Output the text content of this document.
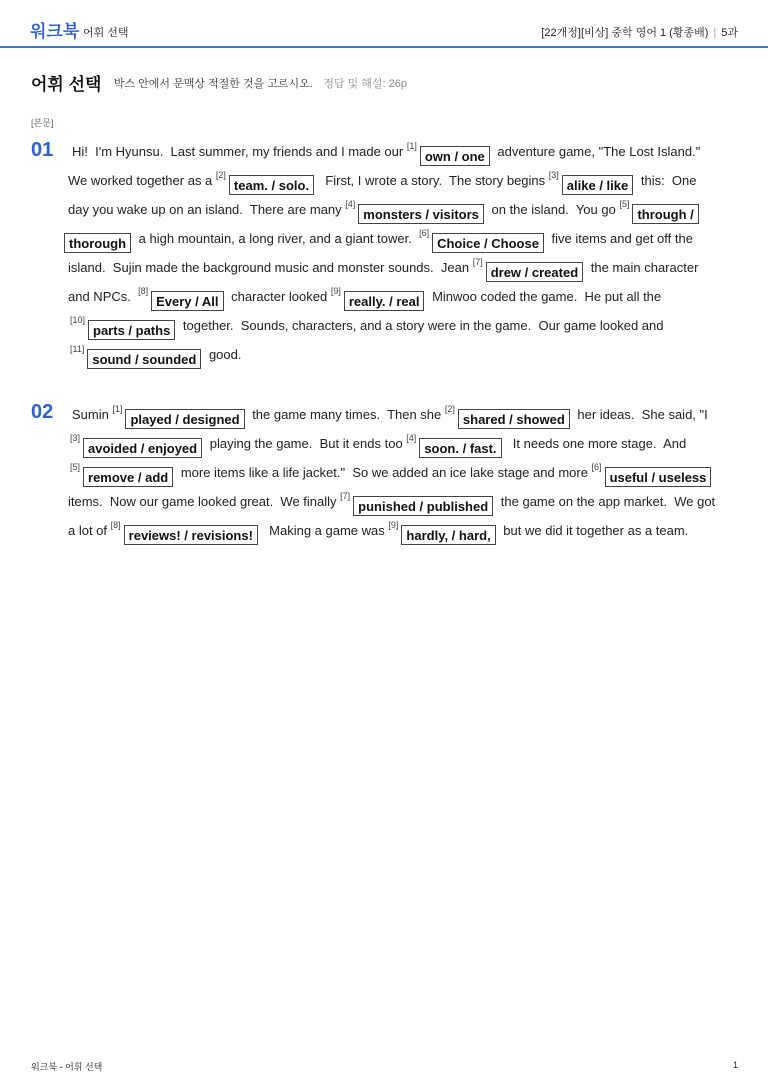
워크북 어휘 선택	[22개정][비상] 중학 영어 1 (황종배) | 5과
어휘 선택 박스 안에서 문맥상 적절한 것을 고르시오. 정답 및 해설: 26p
[본문]
01
02
Hi!  I'm Hyunsu.  Last summer, my friends and I made our [1]own / one adventure game, "The Lost Island."
We worked together as a [2]team. / solo.  First, I wrote a story.  The story begins [3]alike / like this:  One
day you wake up on an island.  There are many [4]monsters / visitors on the island.  You go [5]through /
thorough a high mountain, a long river, and a giant tower.  [6]Choice / Choose five items and get off the
island.  Sujin made the background music and monster sounds.  Jean [7]drew / created the main character
and NPCs.  [8]Every / All character looked [9]really. / real Minwoo coded the game.  He put all the
[10]parts / paths together.  Sounds, characters, and a story were in the game.  Our game looked and
[11]sound / sounded good.
Sumin [1]played / designed the game many times.  Then she [2]shared / showed her ideas.  She said, "I
[3]avoided / enjoyed playing the game.  But it ends too [4]soon. / fast.  It needs one more stage.  And
[5]remove / add more items like a life jacket."  So we added an ice lake stage and more [6]useful / useless
items.  Now our game looked great.  We finally [7]punished / published the game on the app market.  We got
a lot of [8]reviews! / revisions!  Making a game was [9]hardly, / hard, but we did it together as a team.
워크북 - 어휘 선택	1
